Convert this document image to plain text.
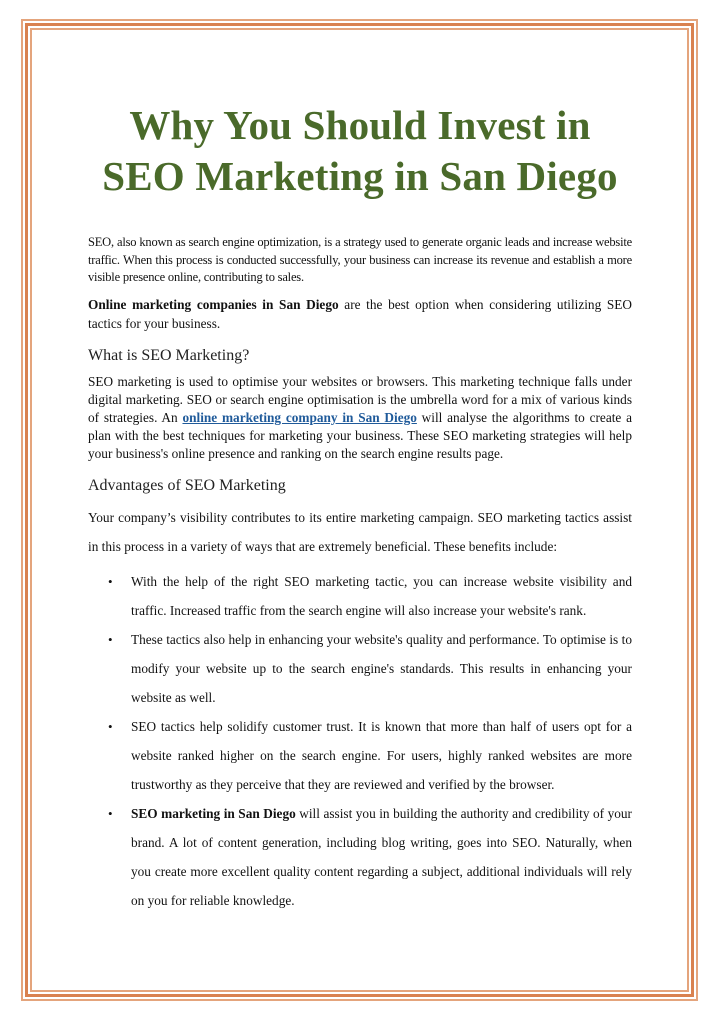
Why You Should Invest in SEO Marketing in San Diego

SEO, also known as search engine optimization, is a strategy used to generate organic leads and increase website traffic. When this process is conducted successfully, your business can increase its revenue and establish a more visible presence online, contributing to sales.

Online marketing companies in San Diego are the best option when considering utilizing SEO tactics for your business.

What is SEO Marketing?

SEO marketing is used to optimise your websites or browsers. This marketing technique falls under digital marketing. SEO or search engine optimisation is the umbrella word for a mix of various kinds of strategies. An online marketing company in San Diego will analyse the algorithms to create a plan with the best techniques for marketing your business. These SEO marketing strategies will help your business's online presence and ranking on the search engine results page.

Advantages of SEO Marketing

Your company’s visibility contributes to its entire marketing campaign. SEO marketing tactics assist in this process in a variety of ways that are extremely beneficial. These benefits include:

• With the help of the right SEO marketing tactic, you can increase website visibility and traffic. Increased traffic from the search engine will also increase your website's rank.
• These tactics also help in enhancing your website's quality and performance. To optimise is to modify your website up to the search engine's standards. This results in enhancing your website as well.
• SEO tactics help solidify customer trust. It is known that more than half of users opt for a website ranked higher on the search engine. For users, highly ranked websites are more trustworthy as they perceive that they are reviewed and verified by the browser.
• SEO marketing in San Diego will assist you in building the authority and credibility of your brand. A lot of content generation, including blog writing, goes into SEO. Naturally, when you create more excellent quality content regarding a subject, additional individuals will rely on you for reliable knowledge.
